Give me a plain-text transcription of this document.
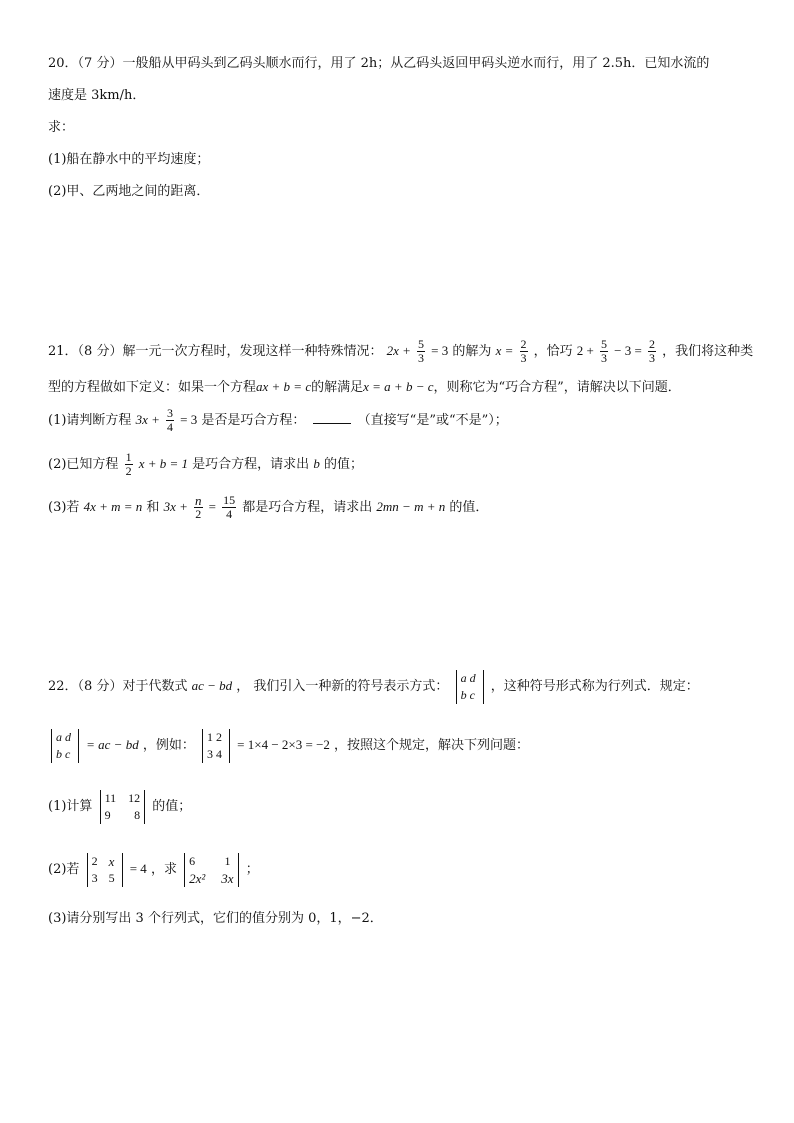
20．（7 分）一般船从甲码头到乙码头顺水而行，用了 2h；从乙码头返回甲码头逆水而行，用了 2.5h．已知水流的
速度是 3km/h．
求：
(1)船在静水中的平均速度；
(2)甲、乙两地之间的距离．
21．（8 分）解一元一次方程时，发现这样一种特殊情况： $2x + \frac{5}{3} = 3$ 的解为 $x = \frac{2}{3}$ ，恰巧 $2 + \frac{5}{3} - 3 = \frac{2}{3}$ ，我们将这种类
型的方程做如下定义：如果一个方程ax + b = c的解满足x = a + b − c，则称它为“巧合方程”，请解决以下问题．
(1)请判断方程 $3x + \frac{3}{4} = 3$ 是否是巧合方程：	（直接写“是”或“不是”）；
(2)已知方程 $\frac{1}{2}$ x + b = 1 是巧合方程，请求出 b 的值；
(3)若 4x + m = n 和 $3x + \frac{n}{2} = \frac{15}{4}$ 都是巧合方程，请求出 2mn − m + n 的值．
22．（8 分）对于代数式 ac − bd ， 我们引入一种新的符号表示方式：
a d
b c
，这种符号形式称为行列式．规定：
a d
b c
= ac − bd ，例如：
1 2
3 4
= 1×4 − 2×3 = −2 ，按照这个规定，解决下列问题：
(1)计算
11 12
9 8
的值；
(2)若
2 x
3 5
= 4 ，求
6 1
2x² 3x
；
(3)请分别写出 3 个行列式，它们的值分别为 0，1，−2．
